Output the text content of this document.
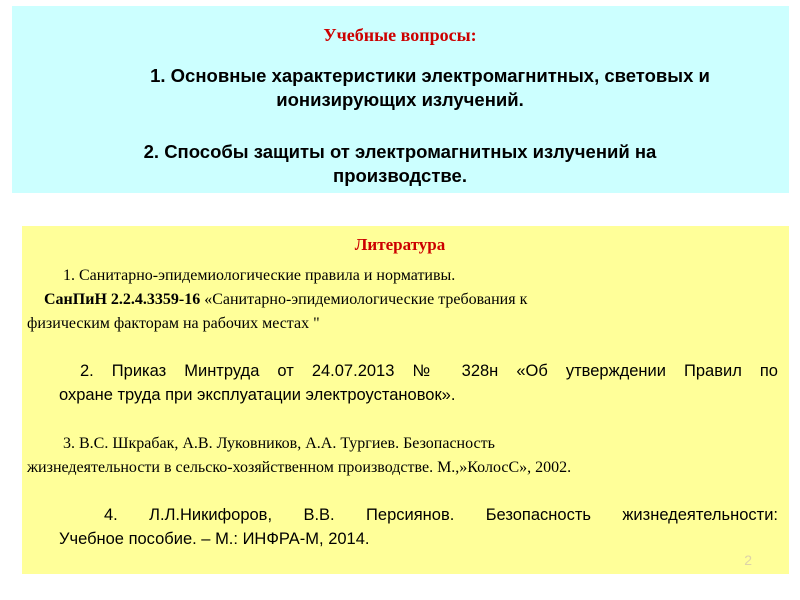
Учебные вопросы:
1. Основные характеристики электромагнитных, световых и
ионизирующих излучений.
2. Способы защиты от электромагнитных излучений на
производстве.
Литература
1. Санитарно-эпидемиологические правила и нормативы.
СанПиН 2.2.4.3359-16 «Санитарно-эпидемиологические требования к
физическим факторам на рабочих местах "
2. Приказ Минтруда от 24.07.2013 № 328н «Об утверждении Правил по
охране труда при эксплуатации электроустановок».
3. В.С. Шкрабак, А.В. Луковников, А.А. Тургиев. Безопасность
жизнедеятельности в сельско-хозяйственном производстве. М.,»КолосС», 2002.
4. Л.Л.Никифоров, В.В. Персиянов. Безопасность жизнедеятельности:
Учебное пособие. – М.: ИНФРА-М, 2014.
2
